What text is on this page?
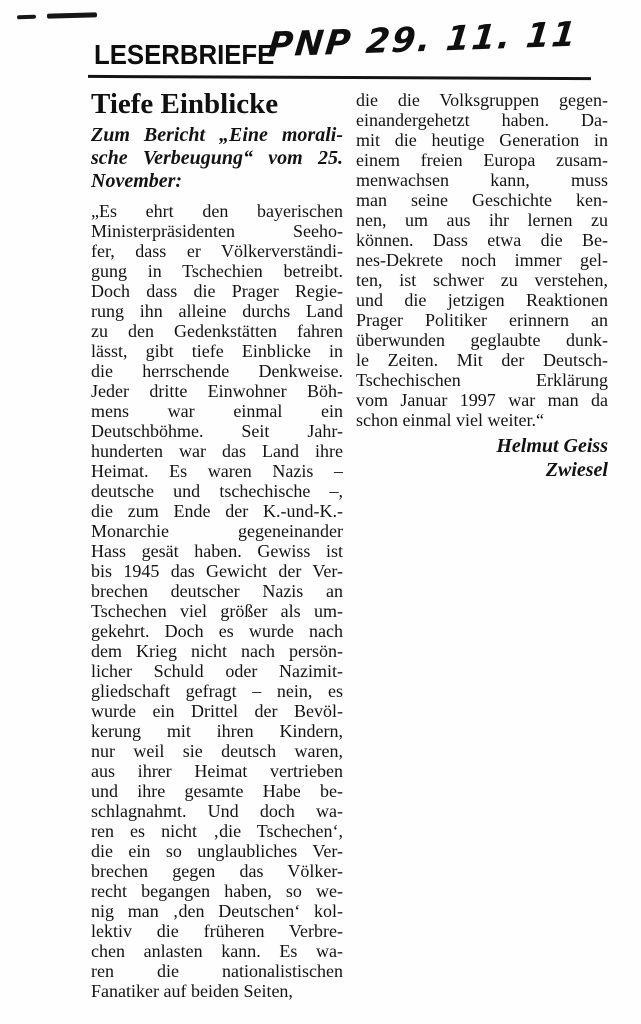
LESERBRIEFE
PNP 29. 11. 11
Tiefe Einblicke
Zum Bericht „Eine morali-
sche Verbeugung“ vom 25.
November:
„Es ehrt den bayerischen
Ministerpräsidenten Seeho-
fer, dass er Völkerverständi-
gung in Tschechien betreibt.
Doch dass die Prager Regie-
rung ihn alleine durchs Land
zu den Gedenkstätten fahren
lässt, gibt tiefe Einblicke in
die herrschende Denkweise.
Jeder dritte Einwohner Böh-
mens war einmal ein
Deutschböhme. Seit Jahr-
hunderten war das Land ihre
Heimat. Es waren Nazis –
deutsche und tschechische –,
die zum Ende der K.-und-K.-
Monarchie gegeneinander
Hass gesät haben. Gewiss ist
bis 1945 das Gewicht der Ver-
brechen deutscher Nazis an
Tschechen viel größer als um-
gekehrt. Doch es wurde nach
dem Krieg nicht nach persön-
licher Schuld oder Nazimit-
gliedschaft gefragt – nein, es
wurde ein Drittel der Bevöl-
kerung mit ihren Kindern,
nur weil sie deutsch waren,
aus ihrer Heimat vertrieben
und ihre gesamte Habe be-
schlagnahmt. Und doch wa-
ren es nicht ‚die Tschechen‘,
die ein so unglaubliches Ver-
brechen gegen das Völker-
recht begangen haben, so we-
nig man ‚den Deutschen‘ kol-
lektiv die früheren Verbre-
chen anlasten kann. Es wa-
ren die nationalistischen
Fanatiker auf beiden Seiten,
die die Volksgruppen gegen-
einandergehetzt haben. Da-
mit die heutige Generation in
einem freien Europa zusam-
menwachsen kann, muss
man seine Geschichte ken-
nen, um aus ihr lernen zu
können. Dass etwa die Be-
nes-Dekrete noch immer gel-
ten, ist schwer zu verstehen,
und die jetzigen Reaktionen
Prager Politiker erinnern an
überwunden geglaubte dunk-
le Zeiten. Mit der Deutsch-
Tschechischen Erklärung
vom Januar 1997 war man da
schon einmal viel weiter.“
Helmut Geiss
Zwiesel
